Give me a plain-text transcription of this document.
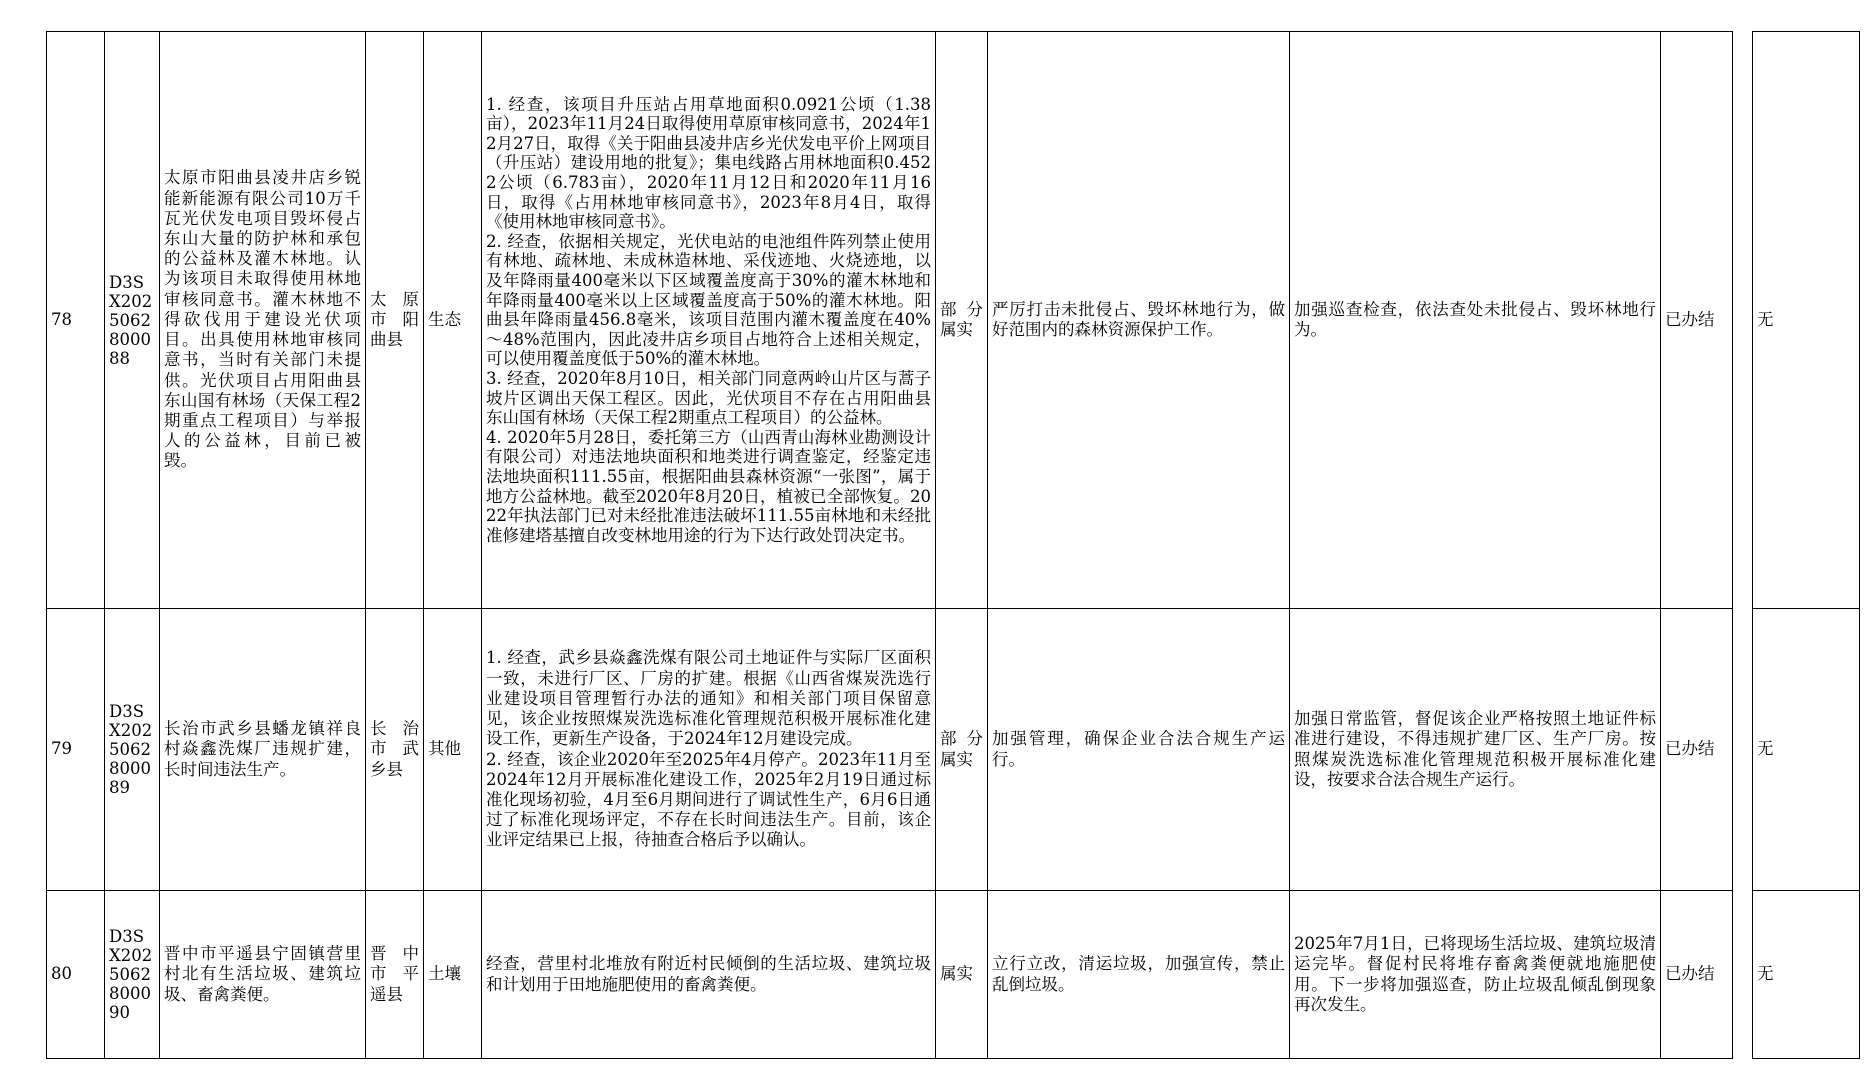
78	D3SX2025062800088	太原市阳曲县凌井店乡锐能新能源有限公司10万千瓦光伏发电项目毁坏侵占东山大量的防护林和承包的公益林及灌木林地。认为该项目未取得使用林地审核同意书。灌木林地不得砍伐用于建设光伏项目。出具使用林地审核同意书，当时有关部门未提供。光伏项目占用阳曲县东山国有林场（天保工程2期重点工程项目）与举报人的公益林，目前已被毁。	太原市阳曲县	生态	1. 经查，该项目升压站占用草地面积0.0921公顷（1.38亩），2023年11月24日取得使用草原审核同意书，2024年12月27日，取得《关于阳曲县凌井店乡光伏发电平价上网项目（升压站）建设用地的批复》；集电线路占用林地面积0.4522公顷（6.783亩），2020年11月12日和2020年11月16日，取得《占用林地审核同意书》，2023年8月4日，取得《使用林地审核同意书》。
2. 经查，依据相关规定，光伏电站的电池组件阵列禁止使用有林地、疏林地、未成林造林地、采伐迹地、火烧迹地，以及年降雨量400毫米以下区域覆盖度高于30%的灌木林地和年降雨量400毫米以上区域覆盖度高于50%的灌木林地。阳曲县年降雨量456.8毫米，该项目范围内灌木覆盖度在40%～48%范围内，因此凌井店乡项目占地符合上述相关规定，可以使用覆盖度低于50%的灌木林地。
3. 经查，2020年8月10日，相关部门同意两岭山片区与蒿子坡片区调出天保工程区。因此，光伏项目不存在占用阳曲县东山国有林场（天保工程2期重点工程项目）的公益林。
4. 2020年5月28日，委托第三方（山西青山海林业勘测设计有限公司）对违法地块面积和地类进行调查鉴定，经鉴定违法地块面积111.55亩，根据阳曲县森林资源“一张图”，属于地方公益林地。截至2020年8月20日，植被已全部恢复。2022年执法部门已对未经批准违法破坏111.55亩林地和未经批准修建塔基擅自改变林地用途的行为下达行政处罚决定书。	部分属实	严厉打击未批侵占、毁坏林地行为，做好范围内的森林资源保护工作。	加强巡查检查，依法查处未批侵占、毁坏林地行为。	已办结		无
79	D3SX2025062800089	长治市武乡县蟠龙镇祥良村焱鑫洗煤厂违规扩建，长时间违法生产。	长治市武乡县	其他	1. 经查，武乡县焱鑫洗煤有限公司土地证件与实际厂区面积一致，未进行厂区、厂房的扩建。根据《山西省煤炭洗选行业建设项目管理暂行办法的通知》和相关部门项目保留意见，该企业按照煤炭洗选标准化管理规范积极开展标准化建设工作，更新生产设备，于2024年12月建设完成。
2. 经查，该企业2020年至2025年4月停产。2023年11月至2024年12月开展标准化建设工作，2025年2月19日通过标准化现场初验，4月至6月期间进行了调试性生产，6月6日通过了标准化现场评定，不存在长时间违法生产。目前，该企业评定结果已上报，待抽查合格后予以确认。	部分属实	加强管理，确保企业合法合规生产运行。	加强日常监管，督促该企业严格按照土地证件标准进行建设，不得违规扩建厂区、生产厂房。按照煤炭洗选标准化管理规范积极开展标准化建设，按要求合法合规生产运行。	已办结		无
80	D3SX2025062800090	晋中市平遥县宁固镇营里村北有生活垃圾、建筑垃圾、畜禽粪便。	晋中市平遥县	土壤	经查，营里村北堆放有附近村民倾倒的生活垃圾、建筑垃圾和计划用于田地施肥使用的畜禽粪便。	属实	立行立改，清运垃圾，加强宣传，禁止乱倒垃圾。	2025年7月1日，已将现场生活垃圾、建筑垃圾清运完毕。督促村民将堆存畜禽粪便就地施肥使用。下一步将加强巡查，防止垃圾乱倾乱倒现象再次发生。	已办结		无
